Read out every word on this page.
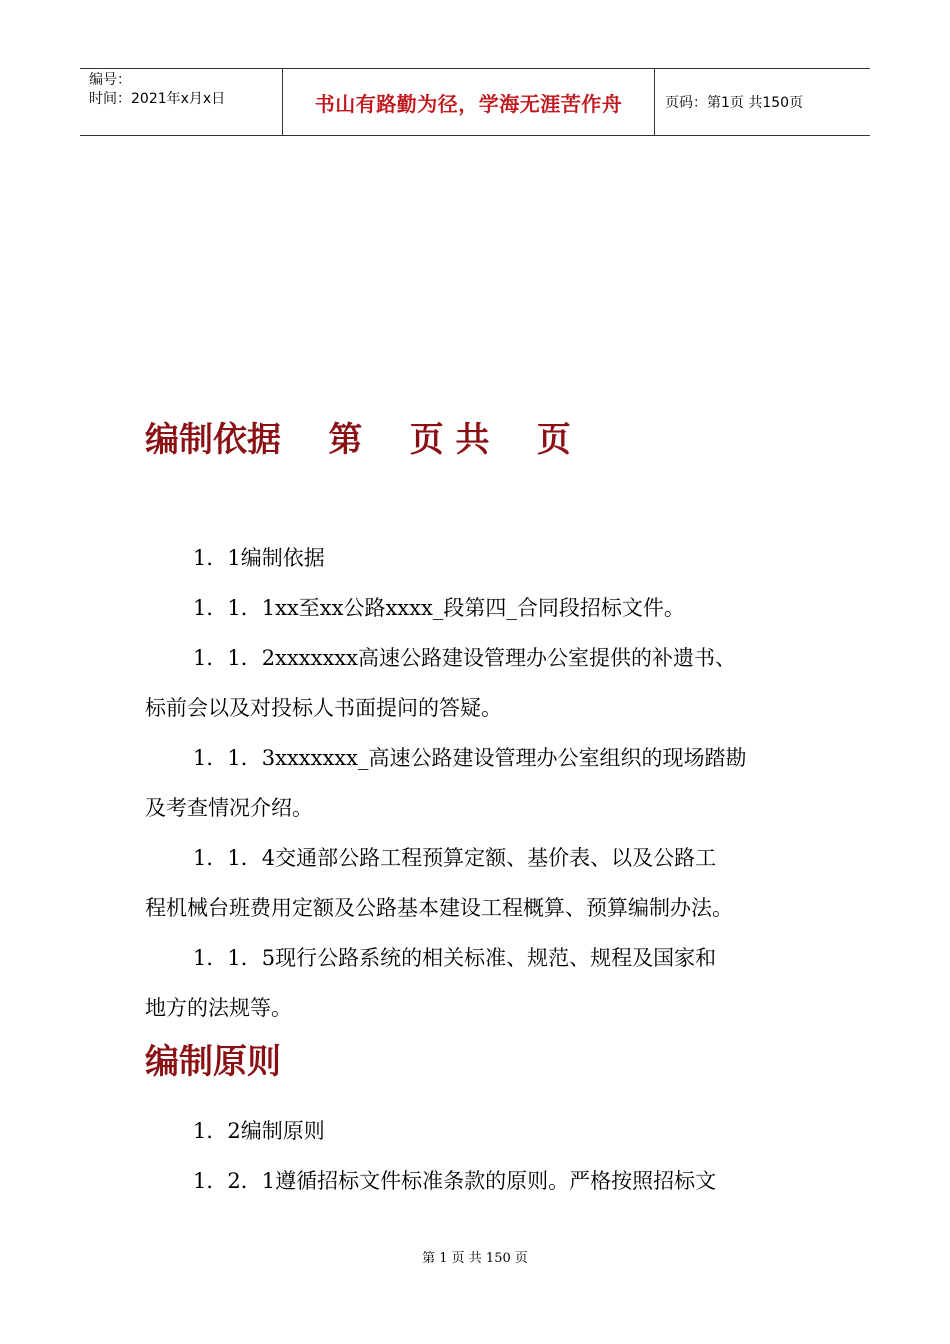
编号：
时间：2021年x月x日	书山有路勤为径，学海无涯苦作舟	页码：第1页 共150页
编制依据    第    页 共    页

1．1编制依据

1．1．1xx至xx公路xxxx_段第四_合同段招标文件。

1．1．2xxxxxxx高速公路建设管理办公室提供的补遗书、

标前会以及对投标人书面提问的答疑。

1．1．3xxxxxxx_高速公路建设管理办公室组织的现场踏勘

及考查情况介绍。

1．1．4交通部公路工程预算定额、基价表、以及公路工

程机械台班费用定额及公路基本建设工程概算、预算编制办法。

1．1．5现行公路系统的相关标准、规范、规程及国家和

地方的法规等。

编制原则

1．2编制原则

1．2．1遵循招标文件标准条款的原则。严格按照招标文

第 1 页 共 150 页
